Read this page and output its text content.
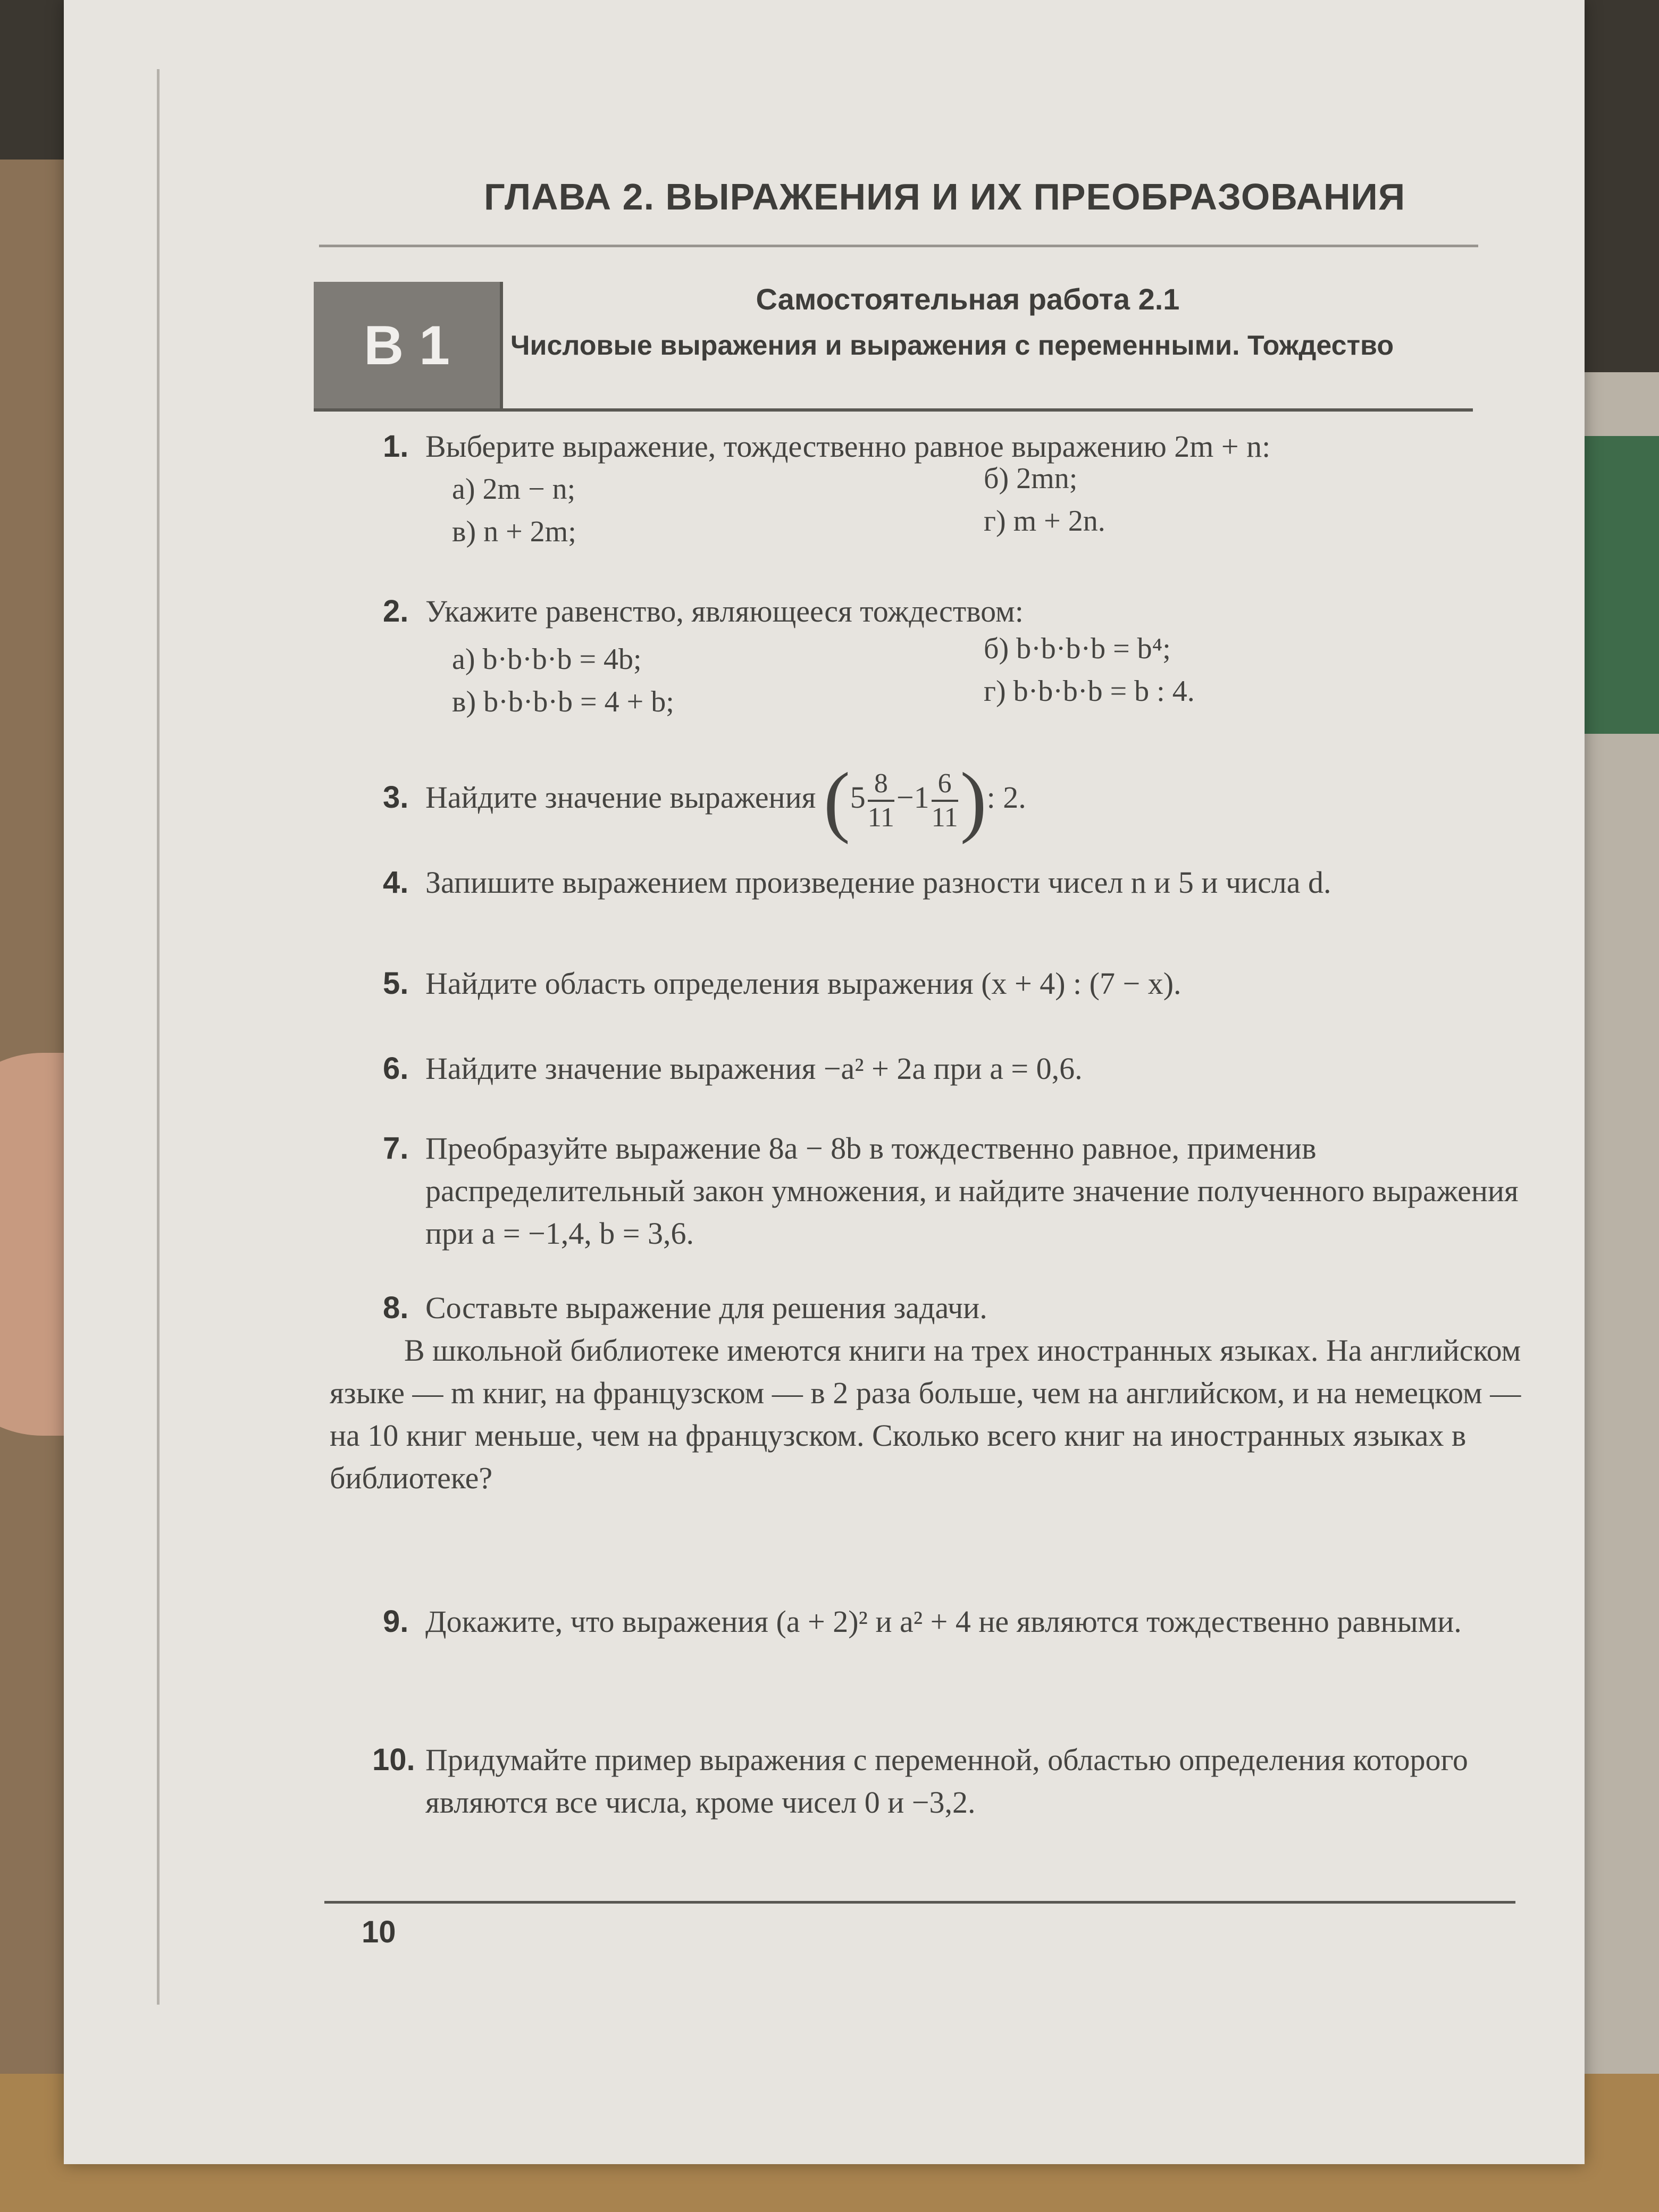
ГЛАВА 2. ВЫРАЖЕНИЯ И ИХ ПРЕОБРАЗОВАНИЯ
В 1
Самостоятельная работа 2.1
Числовые выражения и выражения с переменными. Тождество
1. Выберите выражение, тождественно равное выражению 2m + n:
а) 2m − n;	б) 2mn;
в) n + 2m;	г) m + 2n.
2. Укажите равенство, являющееся тождеством:
а) b·b·b·b = 4b;	б) b·b·b·b = b⁴;
в) b·b·b·b = 4 + b;	г) b·b·b·b = b : 4.
3. Найдите значение выражения ($5 \frac{8}{11} -1 \frac{6}{11}$ ): 2.
4. Запишите выражением произведение разности чисел n и 5 и числа d.
5. Найдите область определения выражения (x + 4) : (7 − x).
6. Найдите значение выражения −a² + 2a при a = 0,6.
7. Преобразуйте выражение 8a − 8b в тождественно равное, применив распределительный закон умножения, и найдите значение полученного выражения при a = −1,4, b = 3,6.
8. Составьте выражение для решения задачи.
В школьной библиотеке имеются книги на трех иностранных языках. На английском языке — m книг, на французском — в 2 раза больше, чем на английском, и на немецком — на 10 книг меньше, чем на французском. Сколько всего книг на иностранных языках в библиотеке?
9. Докажите, что выражения (a + 2)² и a² + 4 не являются тождественно равными.
10. Придумайте пример выражения с переменной, областью определения которого являются все числа, кроме чисел 0 и −3,2.
10
